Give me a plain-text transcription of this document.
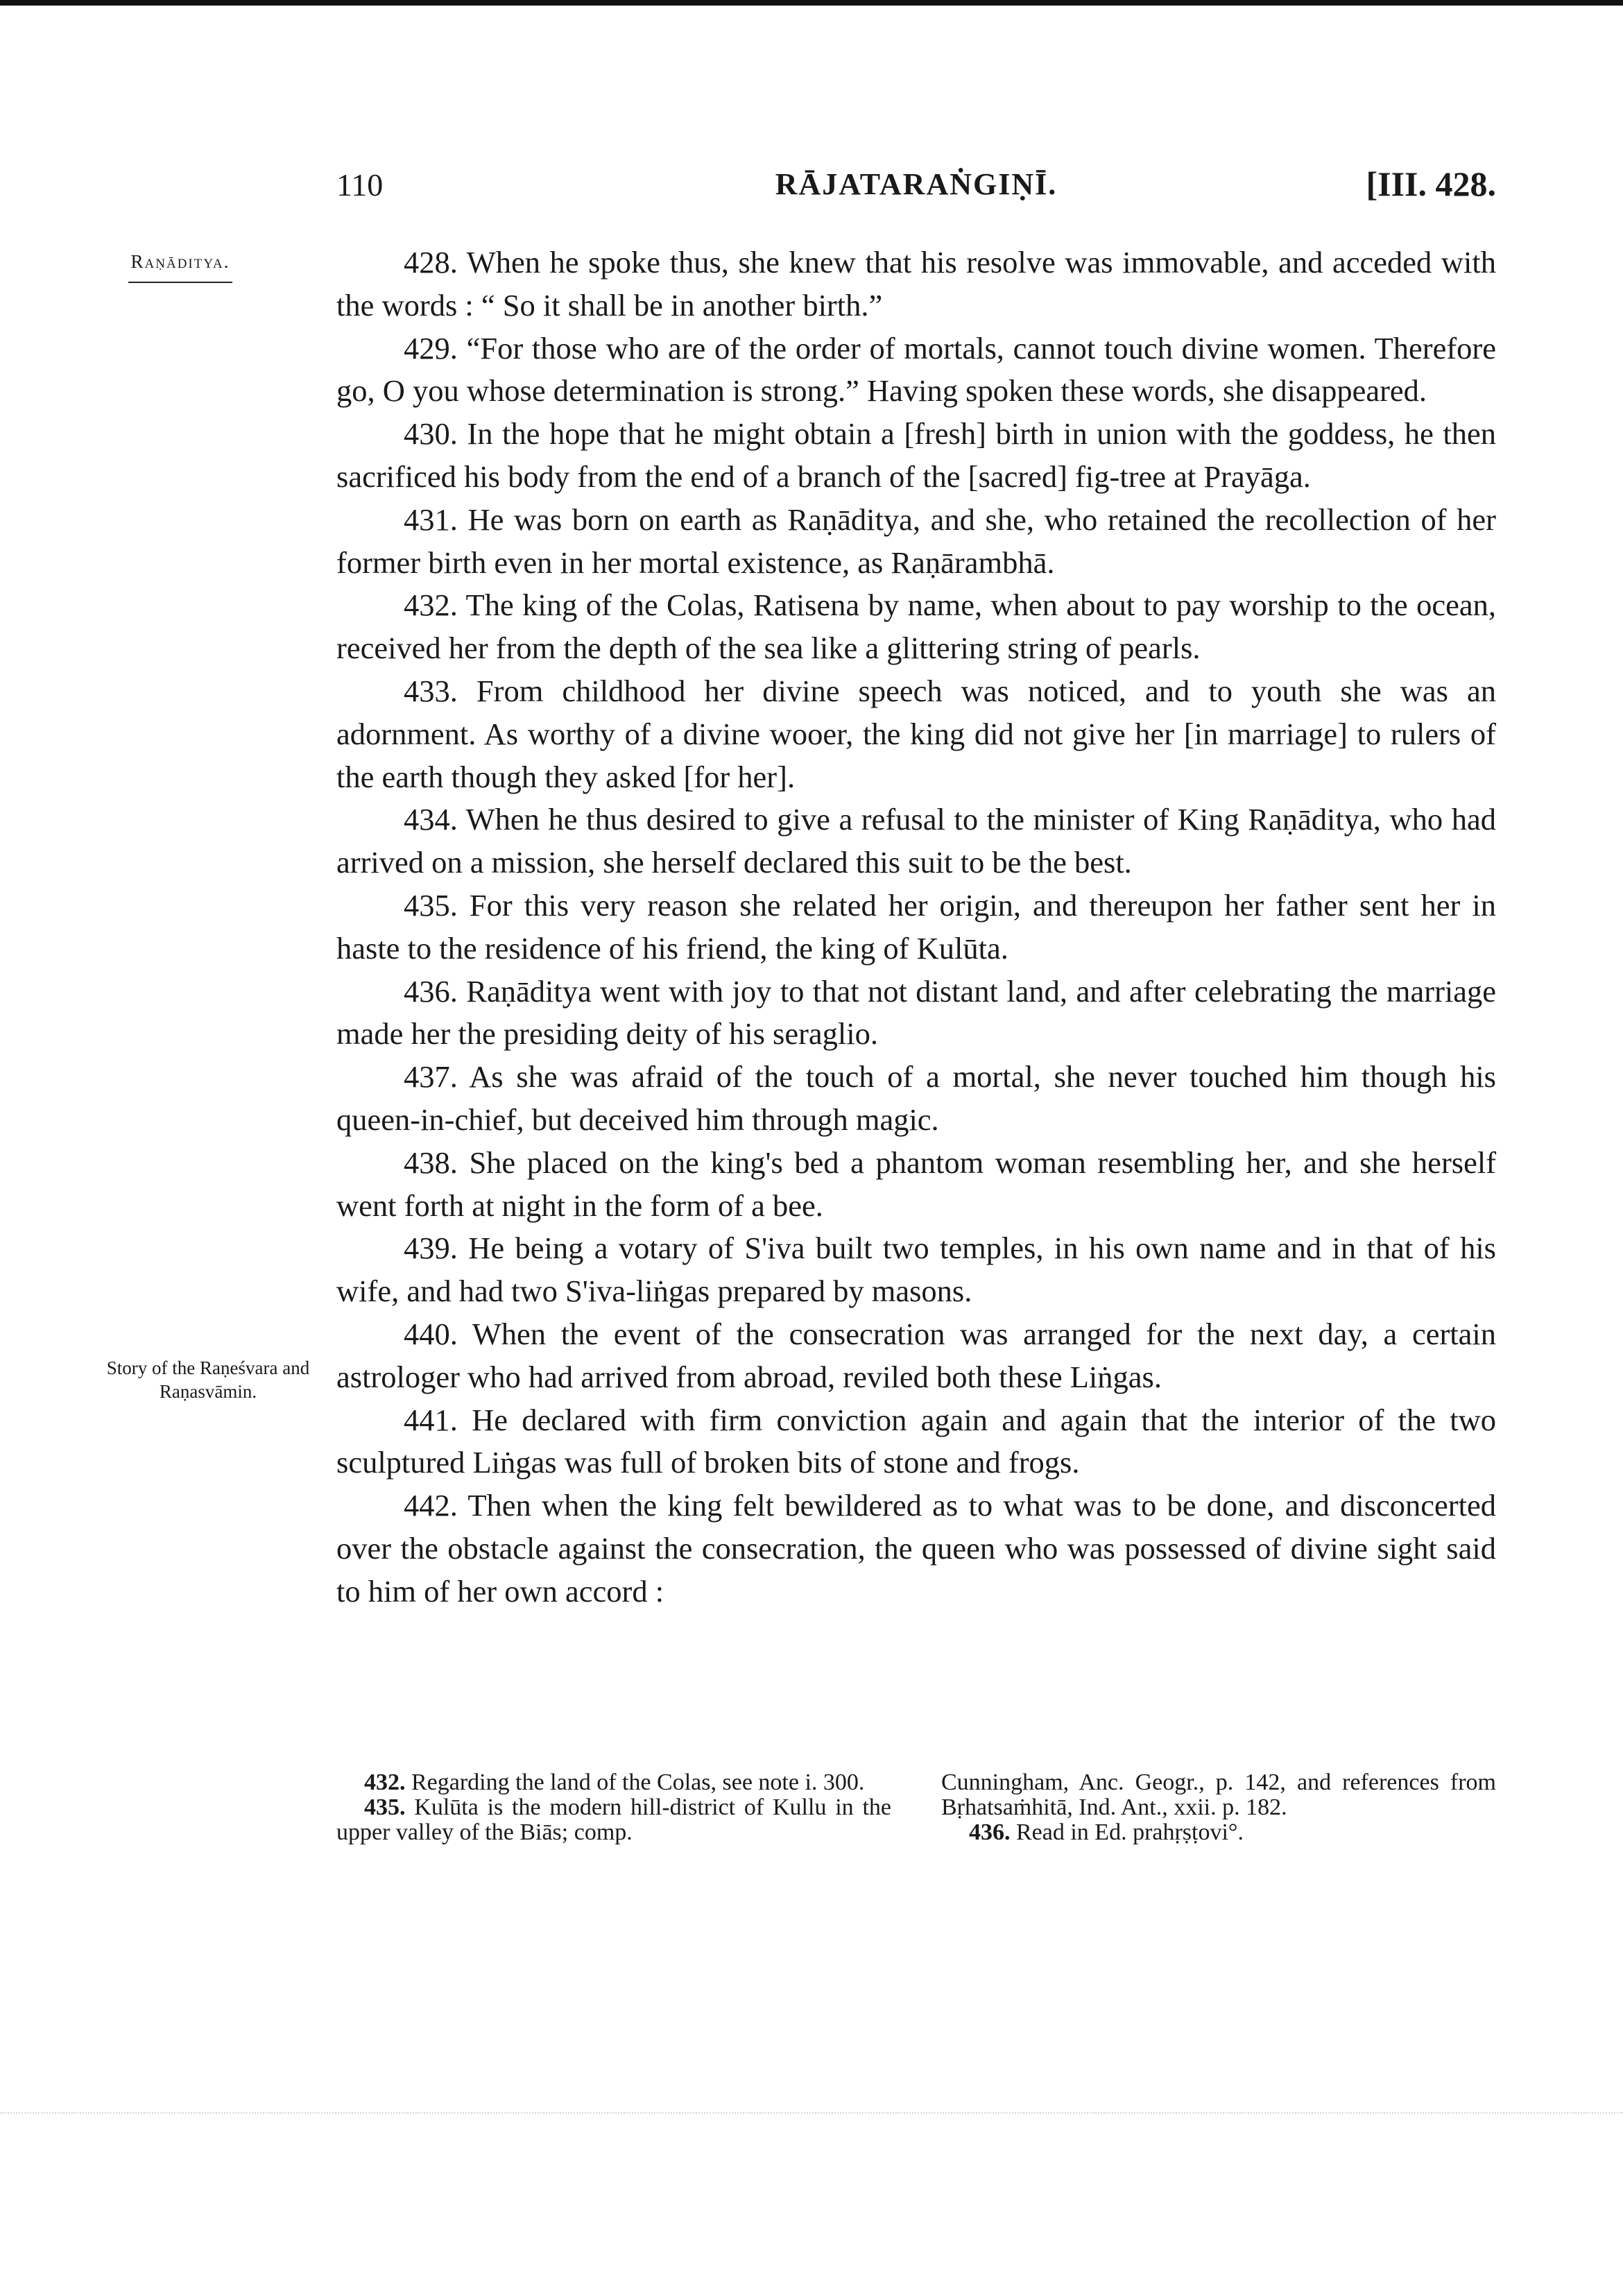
110	RĀJATARAṄGIṆĪ.	[III. 428.
Raṇāditya.
Story of the Raṇeśvara and Raṇasvāmin.

428. When he spoke thus, she knew that his resolve was immovable, and acceded with the words : “ So it shall be in another birth.”

429. “For those who are of the order of mortals, cannot touch divine women. Therefore go, O you whose determination is strong.” Having spoken these words, she disappeared.

430. In the hope that he might obtain a [fresh] birth in union with the goddess, he then sacrificed his body from the end of a branch of the [sacred] fig-tree at Prayāga.

431. He was born on earth as Raṇāditya, and she, who retained the recollection of her former birth even in her mortal existence, as Raṇārambhā.

432. The king of the Colas, Ratisena by name, when about to pay worship to the ocean, received her from the depth of the sea like a glittering string of pearls.

433. From childhood her divine speech was noticed, and to youth she was an adornment. As worthy of a divine wooer, the king did not give her [in marriage] to rulers of the earth though they asked [for her].

434. When he thus desired to give a refusal to the minister of King Raṇāditya, who had arrived on a mission, she herself declared this suit to be the best.

435. For this very reason she related her origin, and thereupon her father sent her in haste to the residence of his friend, the king of Kulūta.

436. Raṇāditya went with joy to that not distant land, and after celebrating the marriage made her the presiding deity of his seraglio.

437. As she was afraid of the touch of a mortal, she never touched him though his queen-in-chief, but deceived him through magic.

438. She placed on the king's bed a phantom woman resembling her, and she herself went forth at night in the form of a bee.

439. He being a votary of S'iva built two temples, in his own name and in that of his wife, and had two S'iva-liṅgas prepared by masons.

440. When the event of the consecration was arranged for the next day, a certain astrologer who had arrived from abroad, reviled both these Liṅgas.

441. He declared with firm conviction again and again that the interior of the two sculptured Liṅgas was full of broken bits of stone and frogs.

442. Then when the king felt bewildered as to what was to be done, and disconcerted over the obstacle against the consecration, the queen who was possessed of divine sight said to him of her own accord :

432. Regarding the land of the Colas, see note i. 300.

435. Kulūta is the modern hill-district of Kullu in the upper valley of the Biās; comp.

Cunningham, Anc. Geogr., p. 142, and references from Bṛhatsaṁhitā, Ind. Ant., xxii. p. 182.

436. Read in Ed. prahṛṣṭovi°.
